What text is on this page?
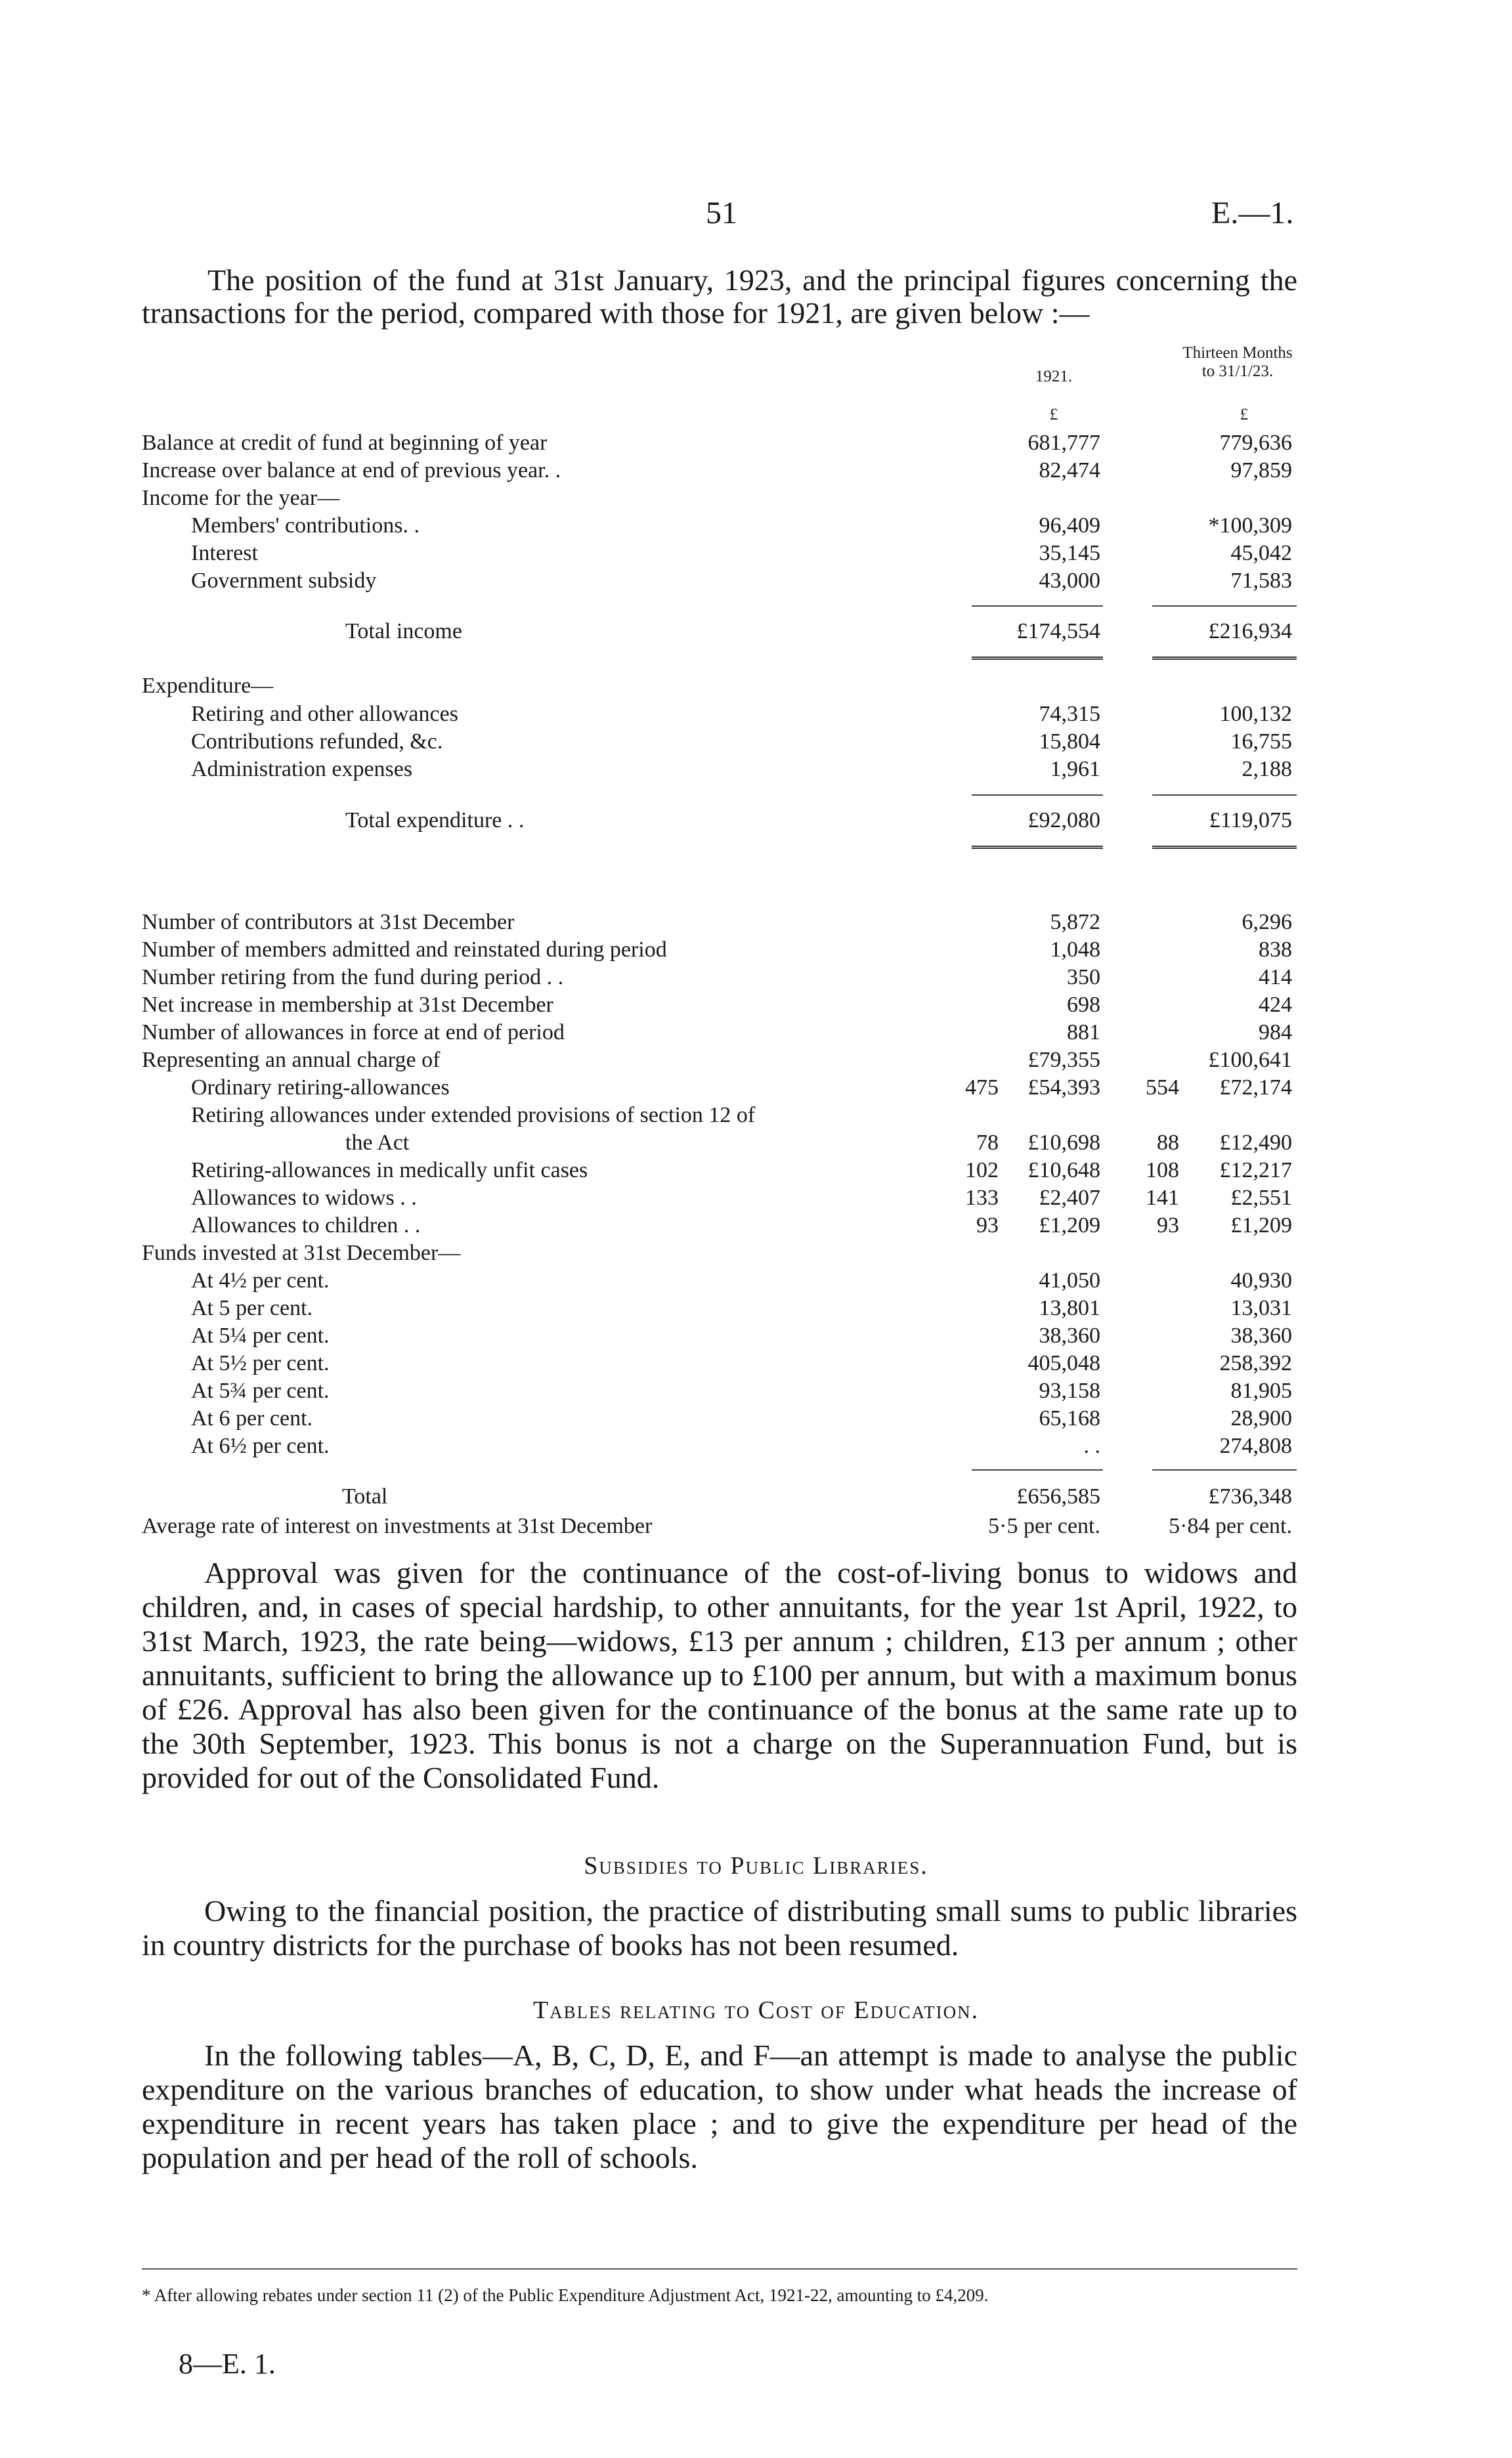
51	E.—1.

The position of the fund at 31st January, 1923, and the principal figures concerning the transactions for the period, compared with those for 1921, are given below :—

1921.
Thirteen Months to 31/1/23.
£	£
Balance at credit of fund at beginning of year	681,777	779,636
Increase over balance at end of previous year. .	82,474	97,859
Income for the year—
Members' contributions. .	96,409	*100,309
Interest	35,145	45,042
Government subsidy	43,000	71,583
Total income	£174,554	£216,934
Expenditure—
Retiring and other allowances	74,315	100,132
Contributions refunded, &c.	15,804	16,755
Administration expenses	1,961	2,188
Total expenditure . .	£92,080	£119,075
Number of contributors at 31st December	5,872	6,296
Number of members admitted and reinstated during period	1,048	838
Number retiring from the fund during period . .	350	414
Net increase in membership at 31st December	698	424
Number of allowances in force at end of period	881	984
Representing an annual charge of	£79,355	£100,641
Ordinary retiring-allowances	475 £54,393	554 £72,174
Retiring allowances under extended provisions of section 12 of
the Act	78 £10,698	88 £12,490
Retiring-allowances in medically unfit cases	102 £10,648	108 £12,217
Allowances to widows . .	133 £2,407	141 £2,551
Allowances to children . .	93 £1,209	93 £1,209
Funds invested at 31st December—
At 4½ per cent.	41,050	40,930
At 5 per cent.	13,801	13,031
At 5¼ per cent.	38,360	38,360
At 5½ per cent.	405,048	258,392
At 5¾ per cent.	93,158	81,905
At 6 per cent.	65,168	28,900
At 6½ per cent.	. .	274,808
Total	£656,585	£736,348
Average rate of interest on investments at 31st December	5·5 per cent.	5·84 per cent.

Approval was given for the continuance of the cost-of-living bonus to widows and children, and, in cases of special hardship, to other annuitants, for the year 1st April, 1922, to 31st March, 1923, the rate being—widows, £13 per annum ; children, £13 per annum ; other annuitants, sufficient to bring the allowance up to £100 per annum, but with a maximum bonus of £26. Approval has also been given for the continuance of the bonus at the same rate up to the 30th September, 1923. This bonus is not a charge on the Superannuation Fund, but is provided for out of the Consolidated Fund.

Subsidies to Public Libraries.

Owing to the financial position, the practice of distributing small sums to public libraries in country districts for the purchase of books has not been resumed.

Tables relating to Cost of Education.

In the following tables—A, B, C, D, E, and F—an attempt is made to analyse the public expenditure on the various branches of education, to show under what heads the increase of expenditure in recent years has taken place ; and to give the expenditure per head of the population and per head of the roll of schools.

* After allowing rebates under section 11 (2) of the Public Expenditure Adjustment Act, 1921-22, amounting to £4,209.
8—E. 1.
